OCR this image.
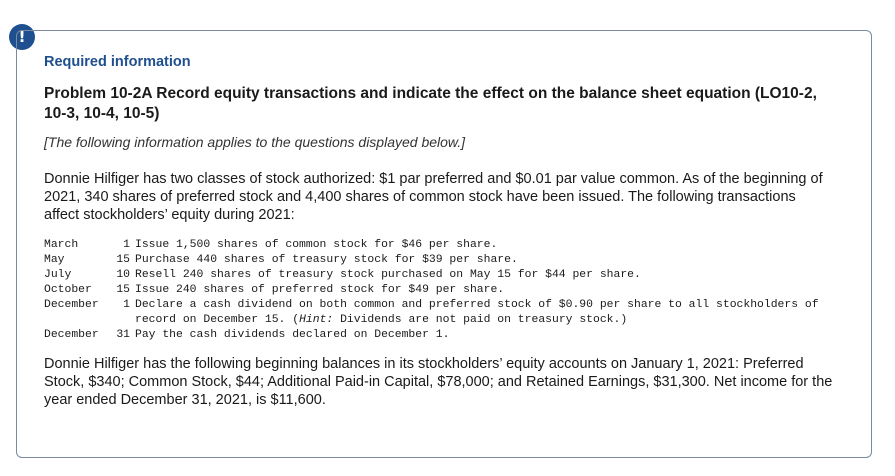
!
Required information
Problem 10-2A Record equity transactions and indicate the effect on the balance sheet equation (LO10-2, 10-3, 10-4, 10-5)
[The following information applies to the questions displayed below.]
Donnie Hilfiger has two classes of stock authorized: $1 par preferred and $0.01 par value common. As of the beginning of 2021, 340 shares of preferred stock and 4,400 shares of common stock have been issued. The following transactions affect stockholders’ equity during 2021:
March	1 Issue 1,500 shares of common stock for $46 per share.
May	15 Purchase 440 shares of treasury stock for $39 per share.
July	10 Resell 240 shares of treasury stock purchased on May 15 for $44 per share.
October	15 Issue 240 shares of preferred stock for $49 per share.
December	1 Declare a cash dividend on both common and preferred stock of $0.90 per share to all stockholders of record on December 15. (Hint: Dividends are not paid on treasury stock.)
December	31 Pay the cash dividends declared on December 1.
Donnie Hilfiger has the following beginning balances in its stockholders’ equity accounts on January 1, 2021: Preferred Stock, $340; Common Stock, $44; Additional Paid-in Capital, $78,000; and Retained Earnings, $31,300. Net income for the year ended December 31, 2021, is $11,600.
